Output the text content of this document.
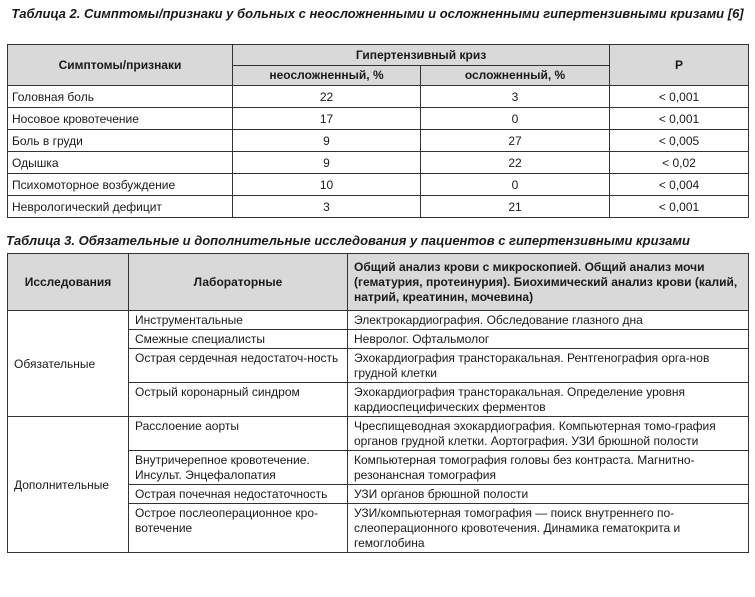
Таблица 2. Симптомы/признаки у больных с неосложненными и осложненными гипертензивными кризами [6]
Симптомы/признаки	Гипертензивный криз		P
	неосложненный, %	осложненный, %	
Головная боль	22	3	< 0,001
Носовое кровотечение	17	0	< 0,001
Боль в груди	9	27	< 0,005
Одышка	9	22	< 0,02
Психомоторное возбуждение	10	0	< 0,004
Неврологический дефицит	3	21	< 0,001
Таблица 3. Обязательные и дополнительные исследования у пациентов с гипертензивными кризами
Исследования	Лабораторные	Общий анализ крови с микроскопией. Общий анализ мочи (гематурия, протеинурия). Биохимический анализ крови (калий, натрий, креатинин, мочевина)
Обязательные	Инструментальные	Электрокардиография. Обследование глазного дна
	Смежные специалисты	Невролог. Офтальмолог
	Острая сердечная недостаточ-ность	Эхокардиография трансторакальная. Рентгенография орга-нов грудной клетки
	Острый коронарный синдром	Эхокардиография трансторакальная. Определение уровня кардиоспецифических ферментов
Дополнительные	Расслоение аорты	Чреспищеводная эхокардиография. Компьютерная томо-графия органов грудной клетки. Аортография. УЗИ брюшной полости
	Внутричерепное кровотечение. Инсульт. Энцефалопатия	Компьютерная томография головы без контраста. Магнитно-резонансная томография
	Острая почечная недостаточность	УЗИ органов брюшной полости
	Острое послеоперационное кро-вотечение	УЗИ/компьютерная томография — поиск внутреннего по-слеоперационного кровотечения. Динамика гематокрита и гемоглобина
